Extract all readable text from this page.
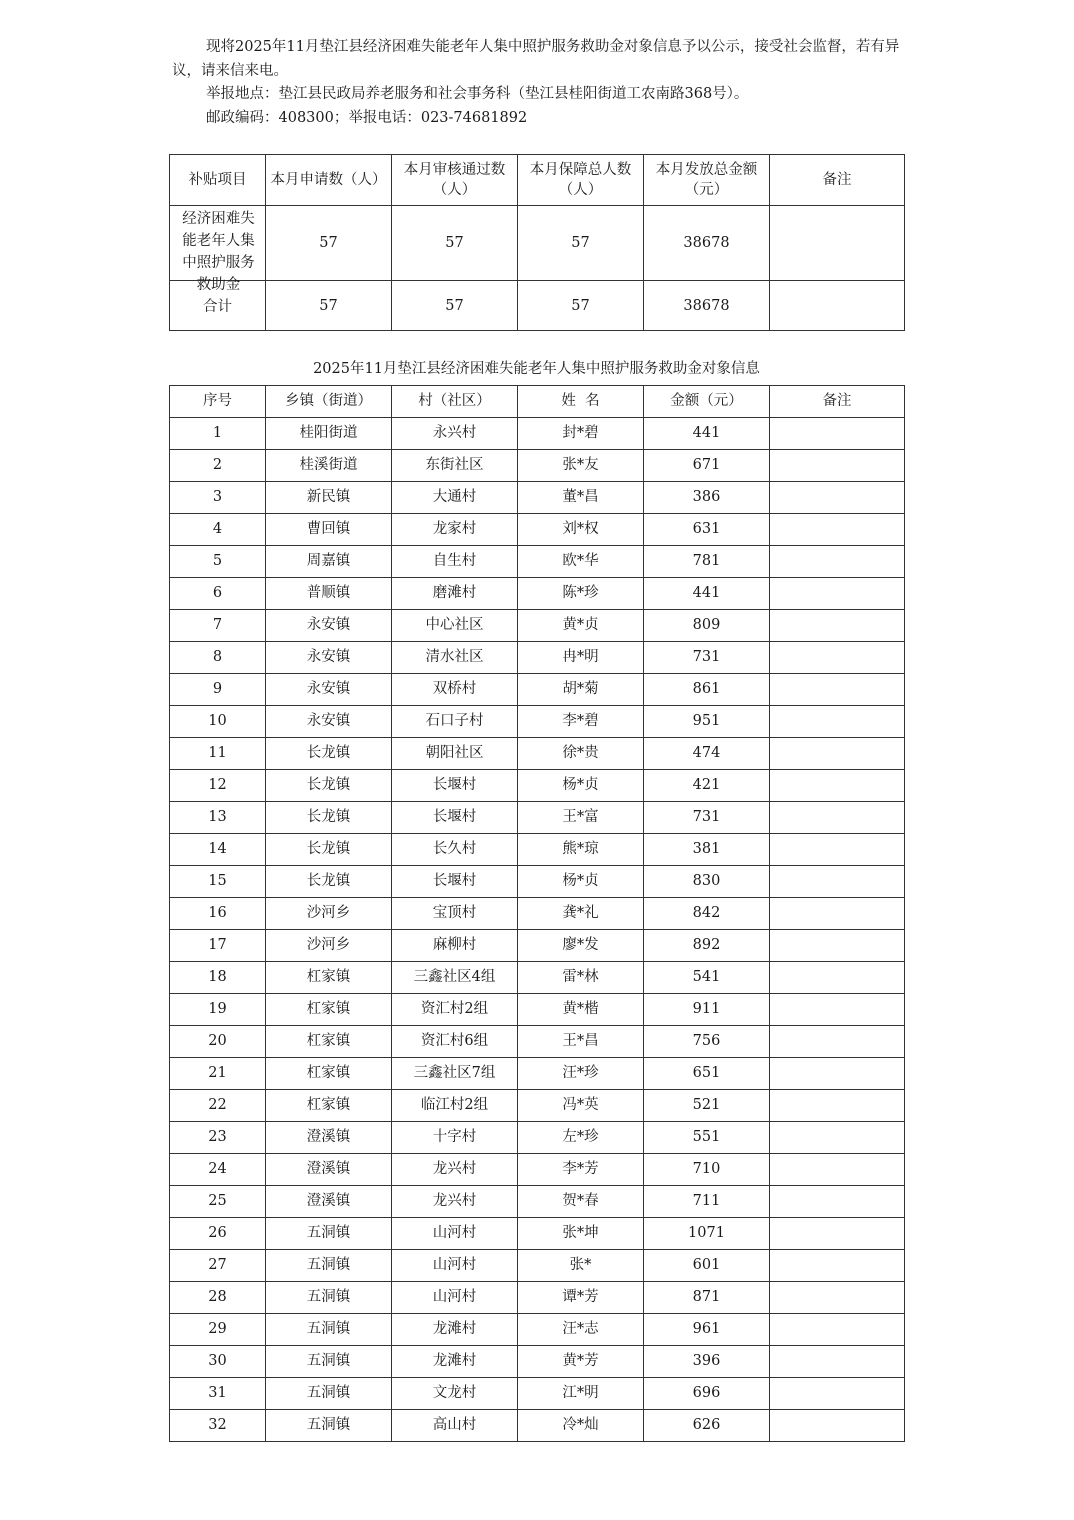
现将2025年11月垫江县经济困难失能老年人集中照护服务救助金对象信息予以公示，接受社会监督，若有异议，请来信来电。

举报地点：垫江县民政局养老服务和社会事务科（垫江县桂阳街道工农南路368号）。

邮政编码：408300；举报电话：023-74681892

补贴项目	本月申请数（人）	本月审核通过数（人）	本月保障总人数（人）	本月发放总金额（元）	备注

经济困难失能老年人集中照护服务救助金	57	57	57	38678	
合计	57	57	57	38678	
2025年11月垫江县经济困难失能老年人集中照护服务救助金对象信息
序号	乡镇（街道）	村（社区）	姓  名	金额（元）	备注
1	桂阳街道	永兴村	封*碧	441	
2	桂溪街道	东街社区	张*友	671	
3	新民镇	大通村	董*昌	386	
4	曹回镇	龙家村	刘*权	631	
5	周嘉镇	自生村	欧*华	781	
6	普顺镇	磨滩村	陈*珍	441	
7	永安镇	中心社区	黄*贞	809	
8	永安镇	清水社区	冉*明	731	
9	永安镇	双桥村	胡*菊	861	
10	永安镇	石口子村	李*碧	951	
11	长龙镇	朝阳社区	徐*贵	474	
12	长龙镇	长堰村	杨*贞	421	
13	长龙镇	长堰村	王*富	731	
14	长龙镇	长久村	熊*琼	381	
15	长龙镇	长堰村	杨*贞	830	
16	沙河乡	宝顶村	龚*礼	842	
17	沙河乡	麻柳村	廖*发	892	
18	杠家镇	三鑫社区4组	雷*林	541	
19	杠家镇	资汇村2组	黄*楷	911	
20	杠家镇	资汇村6组	王*昌	756	
21	杠家镇	三鑫社区7组	汪*珍	651	
22	杠家镇	临江村2组	冯*英	521	
23	澄溪镇	十字村	左*珍	551	
24	澄溪镇	龙兴村	李*芳	710	
25	澄溪镇	龙兴村	贺*春	711	
26	五洞镇	山河村	张*坤	1071	
27	五洞镇	山河村	张*	601	
28	五洞镇	山河村	谭*芳	871	
29	五洞镇	龙滩村	汪*志	961	
30	五洞镇	龙滩村	黄*芳	396	
31	五洞镇	文龙村	江*明	696	
32	五洞镇	高山村	冷*灿	626	
